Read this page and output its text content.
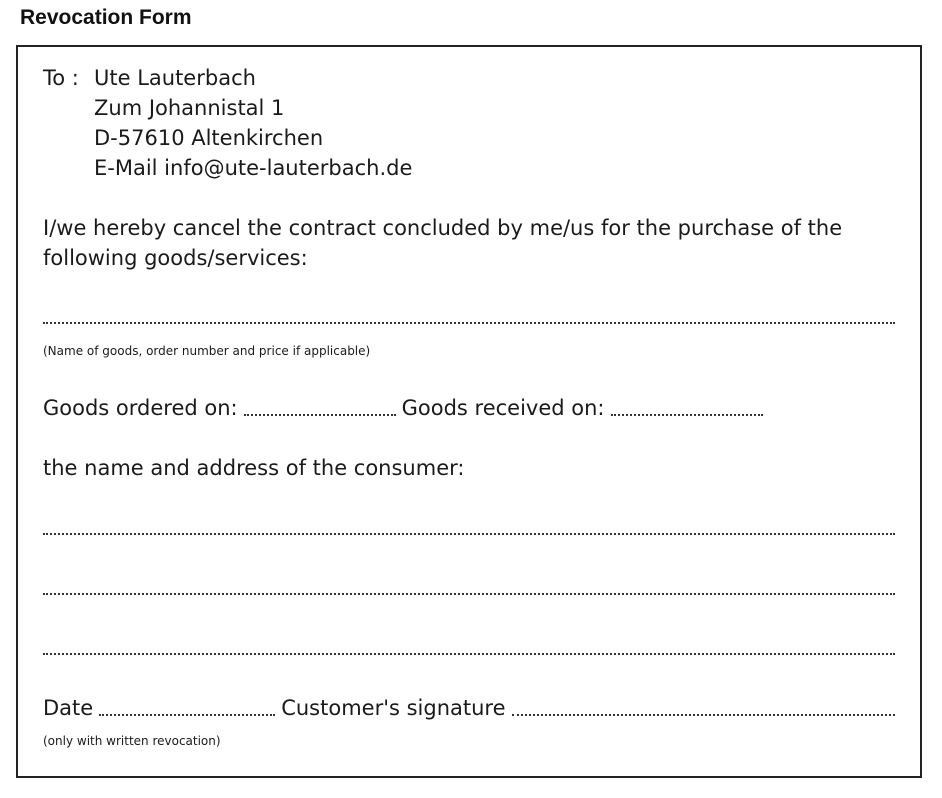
Revocation Form
To : Ute Lauterbach
Zum Johannistal 1
D-57610 Altenkirchen
E-Mail info@ute-lauterbach.de
I/we hereby cancel the contract concluded by me/us for the purchase of the
following goods/services:
(Name of goods, order number and price if applicable)
Goods ordered on:	Goods received on:
the name and address of the consumer:
Date	Customer's signature
(only with written revocation)
